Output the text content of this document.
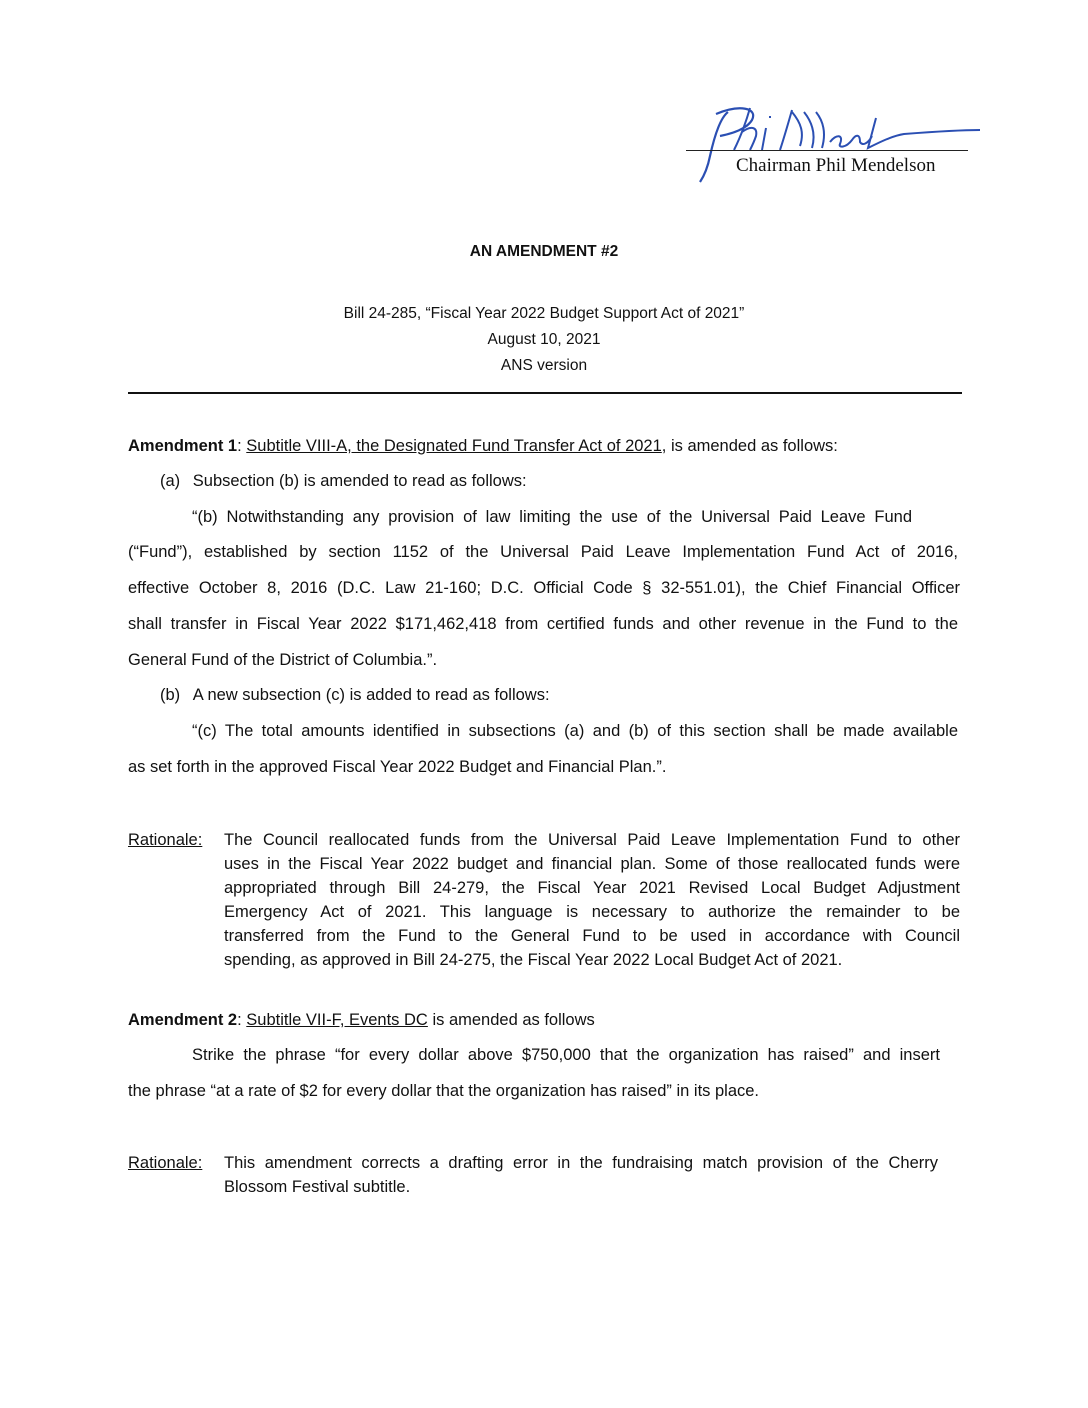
Chairman Phil Mendelson
AN AMENDMENT #2
Bill 24-285, “Fiscal Year 2022 Budget Support Act of 2021”
August 10, 2021
ANS version
Amendment 1: Subtitle VIII-A, the Designated Fund Transfer Act of 2021, is amended as follows:
(a) Subsection (b) is amended to read as follows:
“(b) Notwithstanding any provision of law limiting the use of the Universal Paid Leave Fund
(“Fund”), established by section 1152 of the Universal Paid Leave Implementation Fund Act of 2016,
effective October 8, 2016 (D.C. Law 21-160; D.C. Official Code § 32-551.01), the Chief Financial Officer
shall transfer in Fiscal Year 2022 $171,462,418 from certified funds and other revenue in the Fund to the
General Fund of the District of Columbia.”.
(b) A new subsection (c) is added to read as follows:
“(c) The total amounts identified in subsections (a) and (b) of this section shall be made available
as set forth in the approved Fiscal Year 2022 Budget and Financial Plan.”.
Rationale: The Council reallocated funds from the Universal Paid Leave Implementation Fund to other
uses in the Fiscal Year 2022 budget and financial plan. Some of those reallocated funds were
appropriated through Bill 24-279, the Fiscal Year 2021 Revised Local Budget Adjustment
Emergency Act of 2021. This language is necessary to authorize the remainder to be
transferred from the Fund to the General Fund to be used in accordance with Council
spending, as approved in Bill 24-275, the Fiscal Year 2022 Local Budget Act of 2021.
Amendment 2: Subtitle VII-F, Events DC is amended as follows
Strike the phrase “for every dollar above $750,000 that the organization has raised” and insert
the phrase “at a rate of $2 for every dollar that the organization has raised” in its place.
Rationale: This amendment corrects a drafting error in the fundraising match provision of the Cherry
Blossom Festival subtitle.
